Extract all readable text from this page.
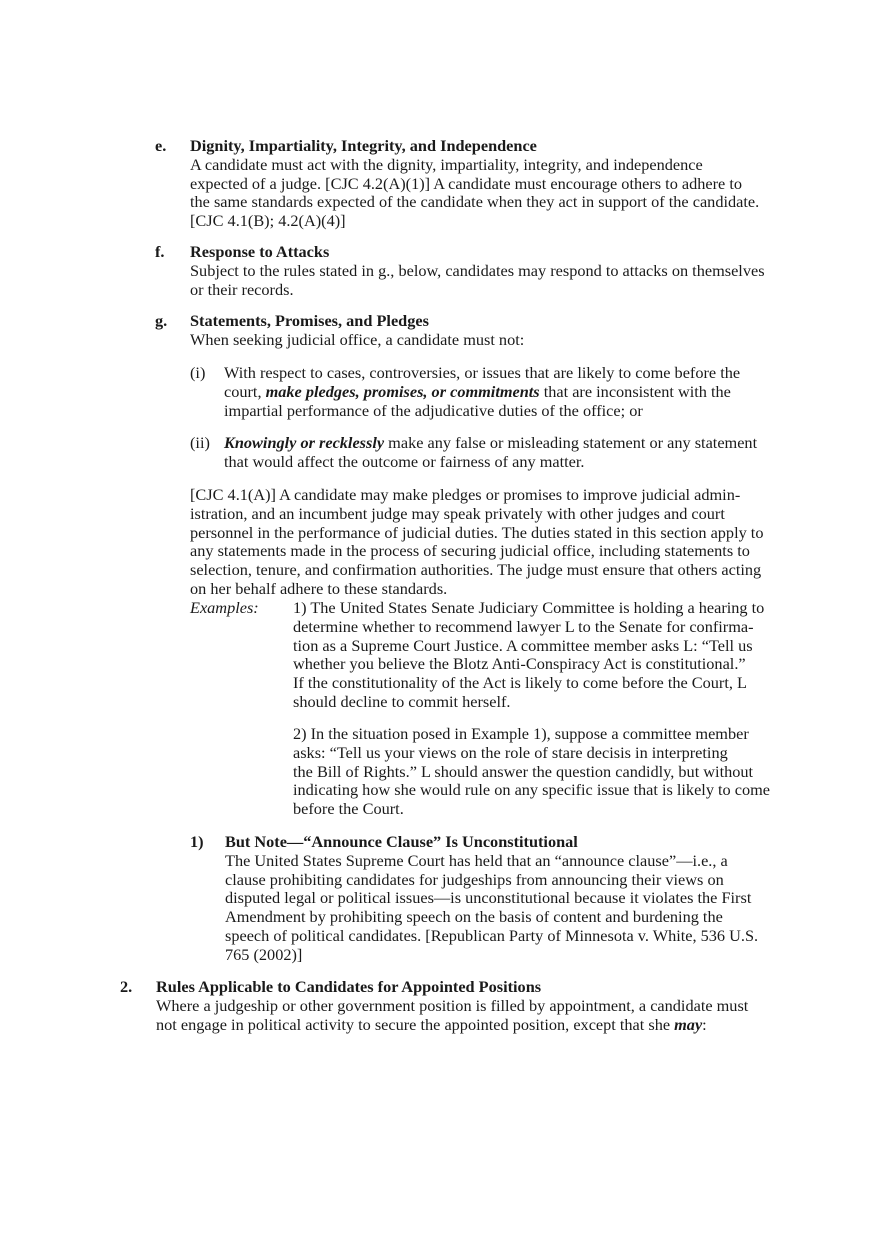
e. Dignity, Impartiality, Integrity, and Independence
A candidate must act with the dignity, impartiality, integrity, and independence
expected of a judge. [CJC 4.2(A)(1)] A candidate must encourage others to adhere to
the same standards expected of the candidate when they act in support of the candidate.
[CJC 4.1(B); 4.2(A)(4)]
f. Response to Attacks
Subject to the rules stated in g., below, candidates may respond to attacks on themselves
or their records.
g. Statements, Promises, and Pledges
When seeking judicial office, a candidate must not:
(i) With respect to cases, controversies, or issues that are likely to come before the
court, make pledges, promises, or commitments that are inconsistent with the
impartial performance of the adjudicative duties of the office; or
(ii) Knowingly or recklessly make any false or misleading statement or any statement
that would affect the outcome or fairness of any matter.
[CJC 4.1(A)] A candidate may make pledges or promises to improve judicial admin-
istration, and an incumbent judge may speak privately with other judges and court
personnel in the performance of judicial duties. The duties stated in this section apply to
any statements made in the process of securing judicial office, including statements to
selection, tenure, and confirmation authorities. The judge must ensure that others acting
on her behalf adhere to these standards.
Examples: 1) The United States Senate Judiciary Committee is holding a hearing to
determine whether to recommend lawyer L to the Senate for confirma-
tion as a Supreme Court Justice. A committee member asks L: “Tell us
whether you believe the Blotz Anti-Conspiracy Act is constitutional.”
If the constitutionality of the Act is likely to come before the Court, L
should decline to commit herself.
2) In the situation posed in Example 1), suppose a committee member
asks: “Tell us your views on the role of stare decisis in interpreting
the Bill of Rights.” L should answer the question candidly, but without
indicating how she would rule on any specific issue that is likely to come
before the Court.
1) But Note—“Announce Clause” Is Unconstitutional
The United States Supreme Court has held that an “announce clause”—i.e., a
clause prohibiting candidates for judgeships from announcing their views on
disputed legal or political issues—is unconstitutional because it violates the First
Amendment by prohibiting speech on the basis of content and burdening the
speech of political candidates. [Republican Party of Minnesota v. White, 536 U.S.
765 (2002)]
2. Rules Applicable to Candidates for Appointed Positions
Where a judgeship or other government position is filled by appointment, a candidate must
not engage in political activity to secure the appointed position, except that she may:
